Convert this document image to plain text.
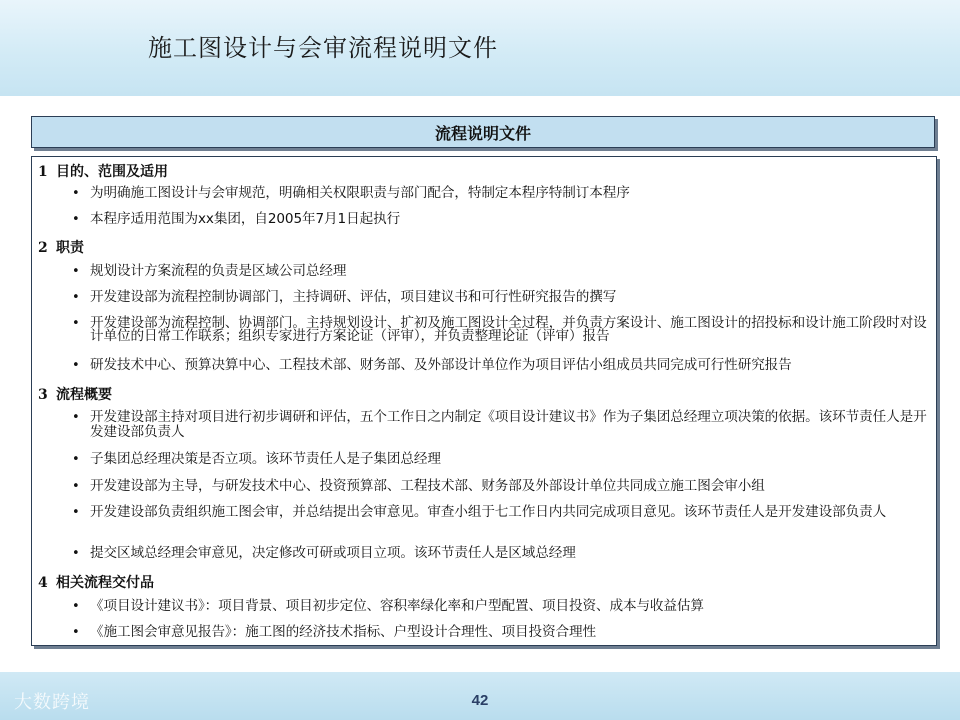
施工图设计与会审流程说明文件
流程说明文件
1 目的、范围及适用
• 为明确施工图设计与会审规范，明确相关权限职责与部门配合，特制定本程序特制订本程序
• 本程序适用范围为xx集团，自2005年7月1日起执行
2 职责
• 规划设计方案流程的负责是区域公司总经理
• 开发建设部为流程控制协调部门，主持调研、评估，项目建议书和可行性研究报告的撰写
• 开发建设部为流程控制、协调部门。主持规划设计、扩初及施工图设计全过程，并负责方案设计、施工图设计的招投标和设计施工阶段时对设计单位的日常工作联系；组织专家进行方案论证（评审），并负责整理论证（评审）报告
• 研发技术中心、预算决算中心、工程技术部、财务部、及外部设计单位作为项目评估小组成员共同完成可行性研究报告
3 流程概要
• 开发建设部主持对项目进行初步调研和评估，五个工作日之内制定《项目设计建议书》作为子集团总经理立项决策的依据。该环节责任人是开发建设部负责人
• 子集团总经理决策是否立项。该环节责任人是子集团总经理
• 开发建设部为主导，与研发技术中心、投资预算部、工程技术部、财务部及外部设计单位共同成立施工图会审小组
• 开发建设部负责组织施工图会审，并总结提出会审意见。审查小组于七工作日内共同完成项目意见。该环节责任人是开发建设部负责人
• 提交区域总经理会审意见，决定修改可研或项目立项。该环节责任人是区域总经理
4 相关流程交付品
• 《项目设计建议书》：项目背景、项目初步定位、容积率绿化率和户型配置、项目投资、成本与收益估算
• 《施工图会审意见报告》：施工图的经济技术指标、户型设计合理性、项目投资合理性
42
大数跨境
